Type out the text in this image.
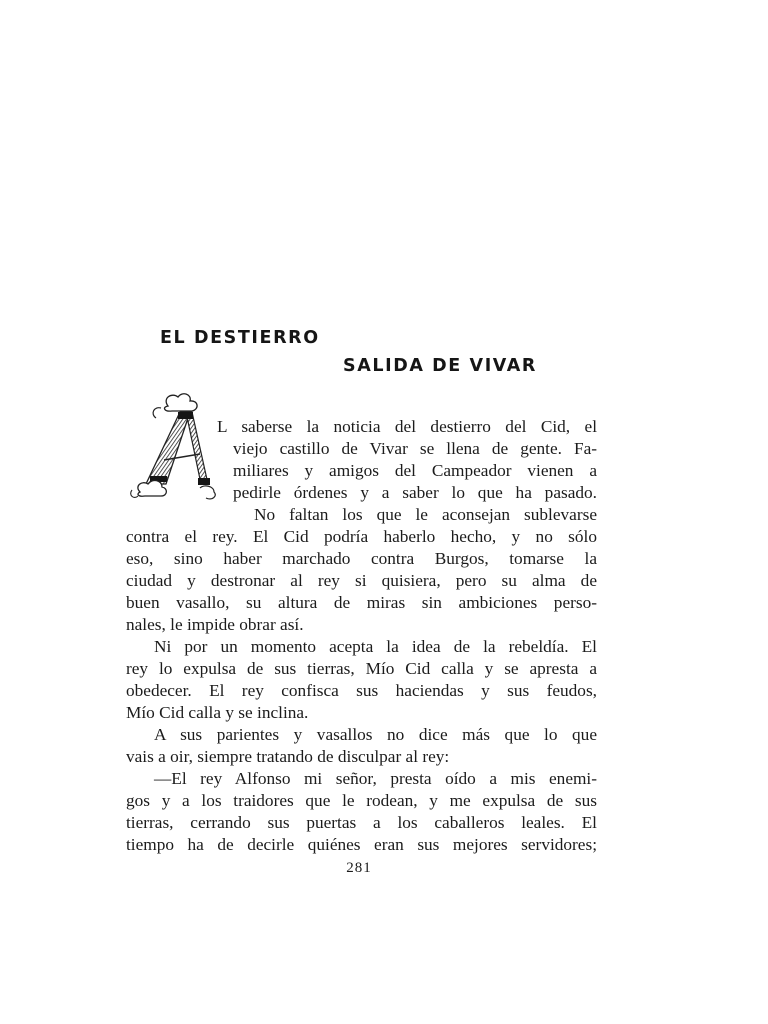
EL DESTIERRO
SALIDA DE VIVAR

L saberse la noticia del destierro del Cid, el

viejo castillo de Vivar se llena de gente. Fa-

miliares y amigos del Campeador vienen a

pedirle órdenes y a saber lo que ha pasado.

No faltan los que le aconsejan sublevarse

contra el rey. El Cid podría haberlo hecho, y no sólo

eso, sino haber marchado contra Burgos, tomarse la

ciudad y destronar al rey si quisiera, pero su alma de

buen vasallo, su altura de miras sin ambiciones perso-

nales, le impide obrar así.

Ni por un momento acepta la idea de la rebeldía. El

rey lo expulsa de sus tierras, Mío Cid calla y se apresta a

obedecer. El rey confisca sus haciendas y sus feudos,

Mío Cid calla y se inclina.

A sus parientes y vasallos no dice más que lo que

vais a oir, siempre tratando de disculpar al rey:

—El rey Alfonso mi señor, presta oído a mis enemi-

gos y a los traidores que le rodean, y me expulsa de sus

tierras, cerrando sus puertas a los caballeros leales. El

tiempo ha de decirle quiénes eran sus mejores servidores;

281
